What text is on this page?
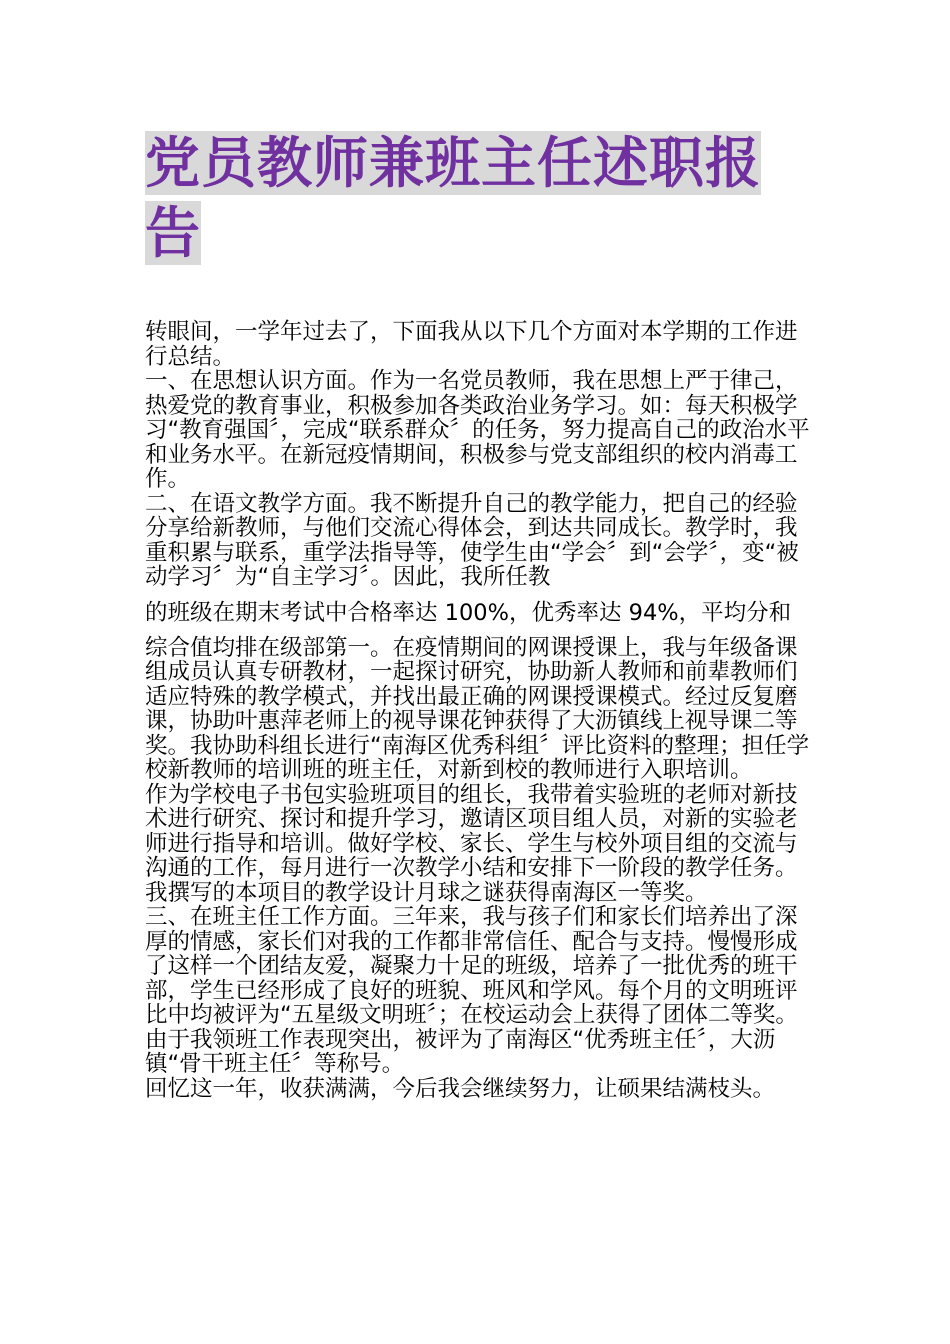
党员教师兼班主任述职报告

转眼间，一学年过去了，下面我从以下几个方面对本学期的工作进行总结。

一、在思想认识方面。作为一名党员教师，我在思想上严于律己，热爱党的教育事业，积极参加各类政治业务学习。如：每天积极学习“教育强国〞，完成“联系群众〞的任务，努力提高自己的政治水平和业务水平。在新冠疫情期间，积极参与党支部组织的校内消毒工作。

二、在语文教学方面。我不断提升自己的教学能力，把自己的经验分享给新教师，与他们交流心得体会，到达共同成长。教学时，我重积累与联系，重学法指导等，使学生由“学会〞到“会学〞，变“被动学习〞为“自主学习〞。因此，我所任教

的班级在期末考试中合格率达 100%，优秀率达 94%，平均分和

综合值均排在级部第一。在疫情期间的网课授课上，我与年级备课组成员认真专研教材，一起探讨研究，协助新人教师和前辈教师们适应特殊的教学模式，并找出最正确的网课授课模式。经过反复磨课，协助叶惠萍老师上的视导课花钟获得了大沥镇线上视导课二等奖。我协助科组长进行“南海区优秀科组〞评比资料的整理；担任学校新教师的培训班的班主任，对新到校的教师进行入职培训。

作为学校电子书包实验班项目的组长，我带着实验班的老师对新技术进行研究、探讨和提升学习，邀请区项目组人员，对新的实验老师进行指导和培训。做好学校、家长、学生与校外项目组的交流与沟通的工作，每月进行一次教学小结和安排下一阶段的教学任务。我撰写的本项目的教学设计月球之谜获得南海区一等奖。

三、在班主任工作方面。三年来，我与孩子们和家长们培养出了深厚的情感，家长们对我的工作都非常信任、配合与支持。慢慢形成了这样一个团结友爱，凝聚力十足的班级，培养了一批优秀的班干部，学生已经形成了良好的班貌、班风和学风。每个月的文明班评比中均被评为“五星级文明班〞；在校运动会上获得了团体二等奖。由于我领班工作表现突出，被评为了南海区“优秀班主任〞，大沥镇“骨干班主任〞等称号。

回忆这一年，收获满满，今后我会继续努力，让硕果结满枝头。
